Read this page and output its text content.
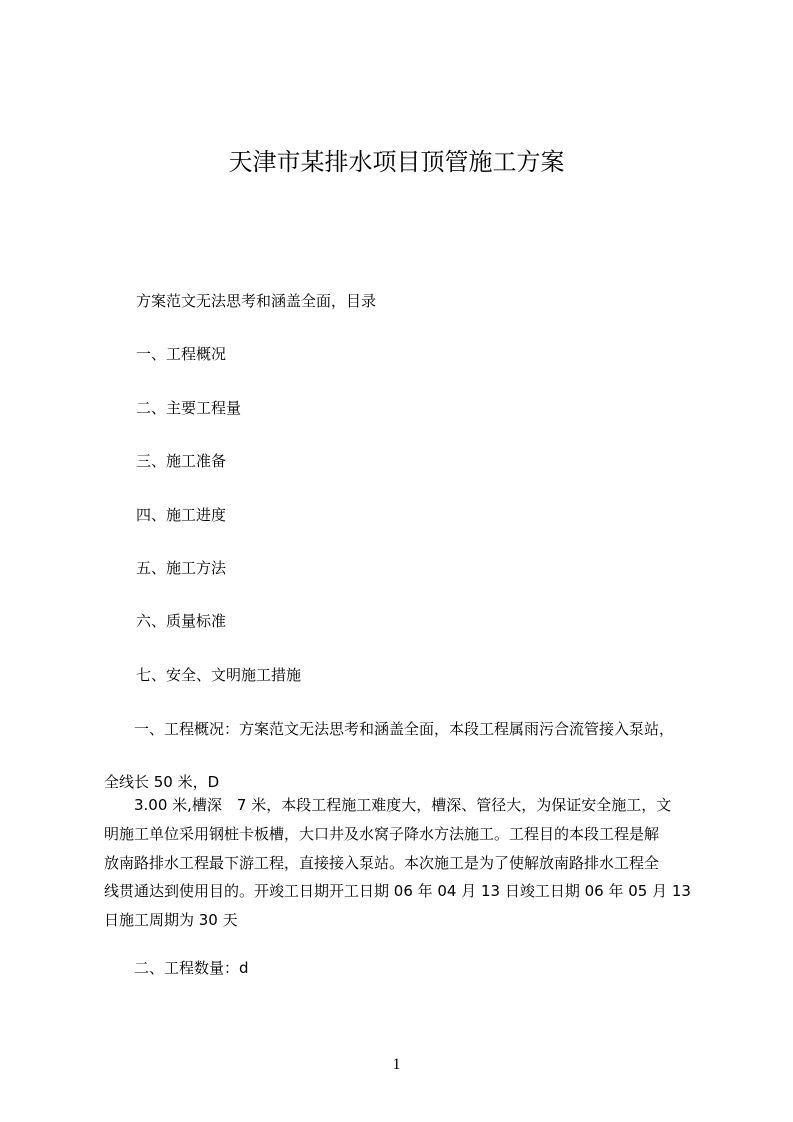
天津市某排水项目顶管施工方案
方案范文无法思考和涵盖全面，目录
一、工程概况
二、主要工程量
三、施工准备
四、施工进度
五、施工方法
六、质量标准
七、安全、文明施工措施
　　一、工程概况：方案范文无法思考和涵盖全面，本段工程属雨污合流管接入泵站，
全线长 50 米，D
　　3.00 米,槽深　7 米，本段工程施工难度大，槽深、管径大，为保证安全施工，文
明施工单位采用钢桩卡板槽，大口井及水窝子降水方法施工。工程目的本段工程是解
放南路排水工程最下游工程，直接接入泵站。本次施工是为了使解放南路排水工程全
线贯通达到使用目的。开竣工日期开工日期 06 年 04 月 13 日竣工日期 06 年 05 月 13
日施工周期为 30 天
　　二、工程数量：d
1
